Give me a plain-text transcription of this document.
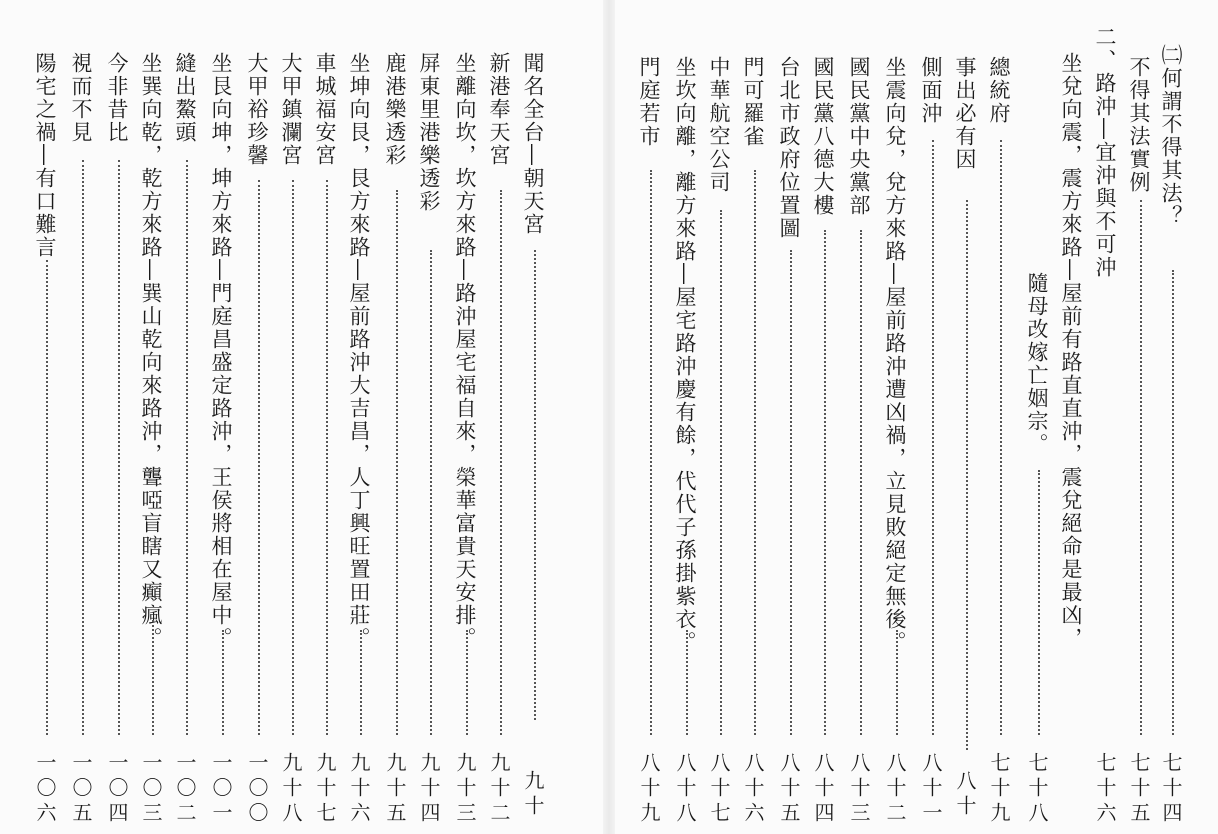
㈡何謂不得其法？
七十四
不得其法實例
七十五
二、路沖―宜沖與不可沖
坐兌向震，震方來路―屋前有路直直沖，震兌絕命是最凶，
七十六
隨母改嫁亡姻宗。
七十八
總統府
七十九
事出必有因
八十
側面沖
八十一
坐震向兌，兌方來路―屋前路沖遭凶禍，立見敗絕定無後。
八十二
國民黨中央黨部
八十三
國民黨八德大樓
八十四
台北市政府位置圖
八十五
門可羅雀
八十六
中華航空公司
八十七
坐坎向離，離方來路―屋宅路沖慶有餘，代代子孫掛紫衣。
八十八
門庭若市
八十九
聞名全台―朝天宮
九十
新港奉天宮
九十二
坐離向坎，坎方來路―路沖屋宅福自來，榮華富貴天安排。
九十三
屏東里港樂透彩
九十四
鹿港樂透彩
九十五
坐坤向艮，艮方來路―屋前路沖大吉昌，人丁興旺置田莊。
九十六
車城福安宮
九十七
大甲鎮瀾宮
九十八
大甲裕珍馨
一〇〇
坐艮向坤，坤方來路―門庭昌盛定路沖，王侯將相在屋中。
一〇一
縫出鰲頭
一〇二
坐巽向乾，乾方來路―巽山乾向來路沖，聾啞盲瞎又癲瘋。
一〇三
今非昔比
一〇四
視而不見
一〇五
陽宅之禍―有口難言
一〇六
